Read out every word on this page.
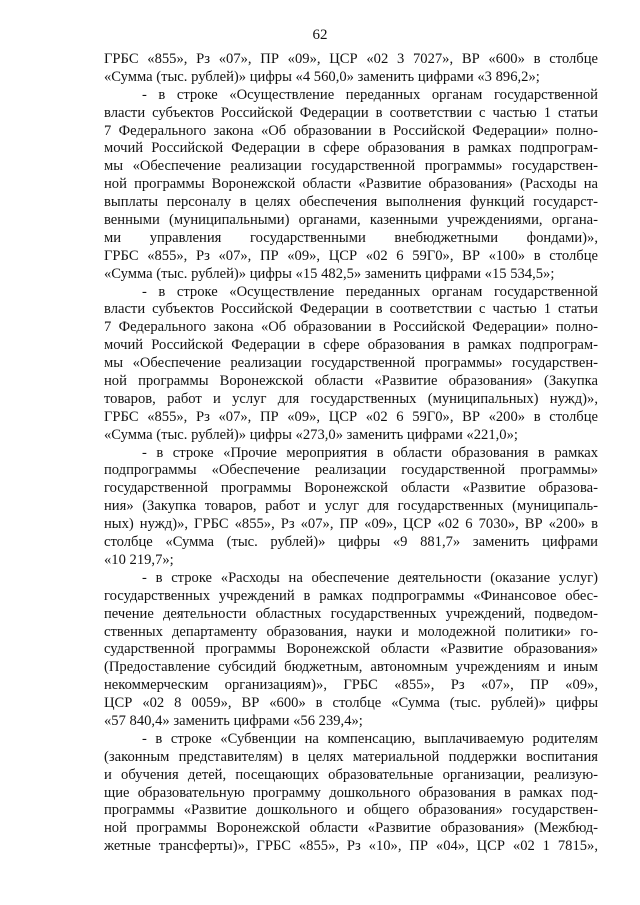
62
ГРБС «855», Рз «07», ПР «09», ЦСР «02 3 7027», ВР «600» в столбце
«Сумма (тыс. рублей)» цифры «4 560,0» заменить цифрами «3 896,2»;
- в строке «Осуществление переданных органам государственной
власти субъектов Российской Федерации в соответствии с частью 1 статьи
7 Федерального закона «Об образовании в Российской Федерации» полно-
мочий Российской Федерации в сфере образования в рамках подпрограм-
мы «Обеспечение реализации государственной программы» государствен-
ной программы Воронежской области «Развитие образования» (Расходы на
выплаты персоналу в целях обеспечения выполнения функций государст-
венными (муниципальными) органами, казенными учреждениями, органа-
ми управления государственными внебюджетными фондами)»,
ГРБС «855», Рз «07», ПР «09», ЦСР «02 6 59Г0», ВР «100» в столбце
«Сумма (тыс. рублей)» цифры «15 482,5» заменить цифрами «15 534,5»;
- в строке «Осуществление переданных органам государственной
власти субъектов Российской Федерации в соответствии с частью 1 статьи
7 Федерального закона «Об образовании в Российской Федерации» полно-
мочий Российской Федерации в сфере образования в рамках подпрограм-
мы «Обеспечение реализации государственной программы» государствен-
ной программы Воронежской области «Развитие образования» (Закупка
товаров, работ и услуг для государственных (муниципальных) нужд)»,
ГРБС «855», Рз «07», ПР «09», ЦСР «02 6 59Г0», ВР «200» в столбце
«Сумма (тыс. рублей)» цифры «273,0» заменить цифрами «221,0»;
- в строке «Прочие мероприятия в области образования в рамках
подпрограммы «Обеспечение реализации государственной программы»
государственной программы Воронежской области «Развитие образова-
ния» (Закупка товаров, работ и услуг для государственных (муниципаль-
ных) нужд)», ГРБС «855», Рз «07», ПР «09», ЦСР «02 6 7030», ВР «200» в
столбце «Сумма (тыс. рублей)» цифры «9 881,7» заменить цифрами
«10 219,7»;
- в строке «Расходы на обеспечение деятельности (оказание услуг)
государственных учреждений в рамках подпрограммы «Финансовое обес-
печение деятельности областных государственных учреждений, подведом-
ственных департаменту образования, науки и молодежной политики» го-
сударственной программы Воронежской области «Развитие образования»
(Предоставление субсидий бюджетным, автономным учреждениям и иным
некоммерческим организациям)», ГРБС «855», Рз «07», ПР «09»,
ЦСР «02 8 0059», ВР «600» в столбце «Сумма (тыс. рублей)» цифры
«57 840,4» заменить цифрами «56 239,4»;
- в строке «Субвенции на компенсацию, выплачиваемую родителям
(законным представителям) в целях материальной поддержки воспитания
и обучения детей, посещающих образовательные организации, реализую-
щие образовательную программу дошкольного образования в рамках под-
программы «Развитие дошкольного и общего образования» государствен-
ной программы Воронежской области «Развитие образования» (Межбюд-
жетные трансферты)», ГРБС «855», Рз «10», ПР «04», ЦСР «02 1 7815»,
